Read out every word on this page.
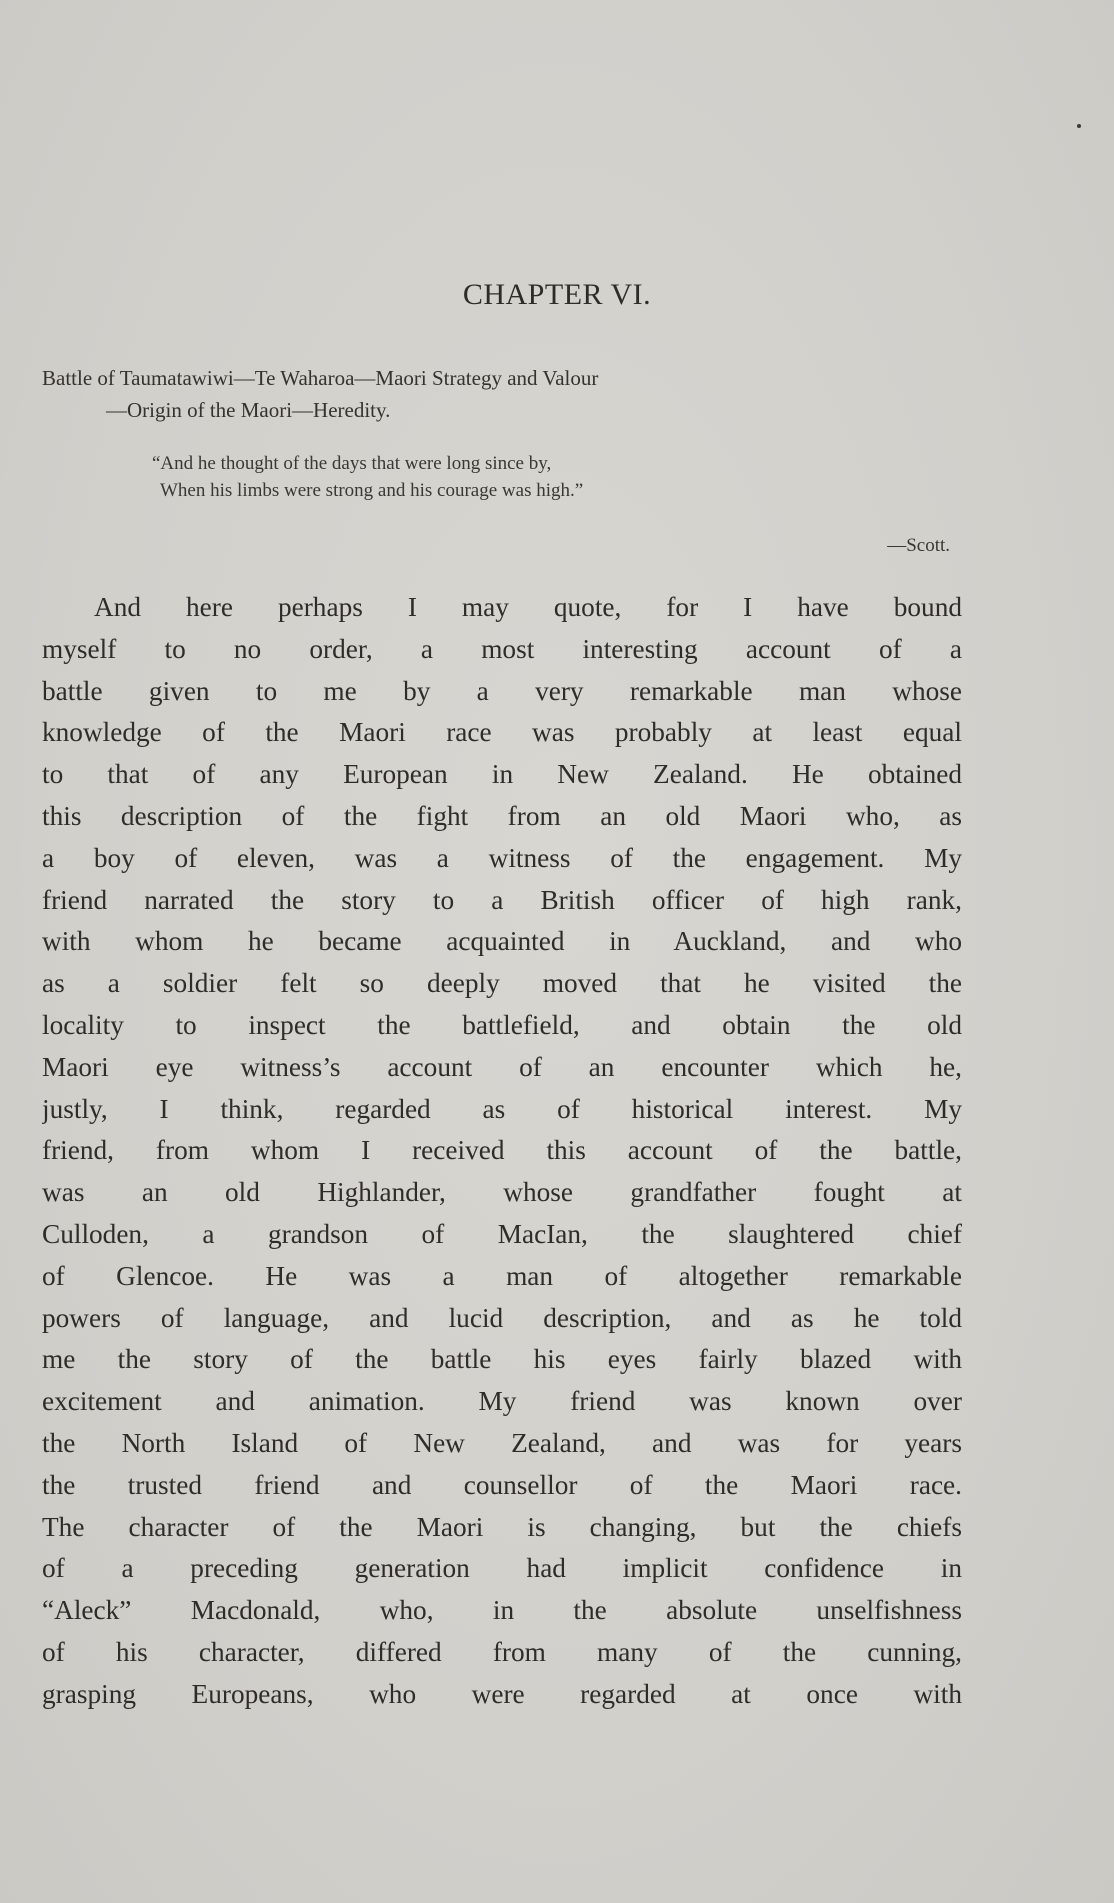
CHAPTER VI.
Battle of Taumatawiwi—Te Waharoa—Maori Strategy and Valour
—Origin of the Maori—Heredity.
“And he thought of the days that were long since by,
When his limbs were strong and his courage was high.”
—Scott.
And here perhaps I may quote, for I have bound
myself to no order, a most interesting account of a
battle given to me by a very remarkable man whose
knowledge of the Maori race was probably at least equal
to that of any European in New Zealand. He obtained
this description of the fight from an old Maori who, as
a boy of eleven, was a witness of the engagement. My
friend narrated the story to a British officer of high rank,
with whom he became acquainted in Auckland, and who
as a soldier felt so deeply moved that he visited the
locality to inspect the battlefield, and obtain the old
Maori eye witness’s account of an encounter which he,
justly, I think, regarded as of historical interest. My
friend, from whom I received this account of the battle,
was an old Highlander, whose grandfather fought at
Culloden, a grandson of MacIan, the slaughtered chief
of Glencoe. He was a man of altogether remarkable
powers of language, and lucid description, and as he told
me the story of the battle his eyes fairly blazed with
excitement and animation. My friend was known over
the North Island of New Zealand, and was for years
the trusted friend and counsellor of the Maori race.
The character of the Maori is changing, but the chiefs
of a preceding generation had implicit confidence in
“Aleck” Macdonald, who, in the absolute unselfishness
of his character, differed from many of the cunning,
grasping Europeans, who were regarded at once with
